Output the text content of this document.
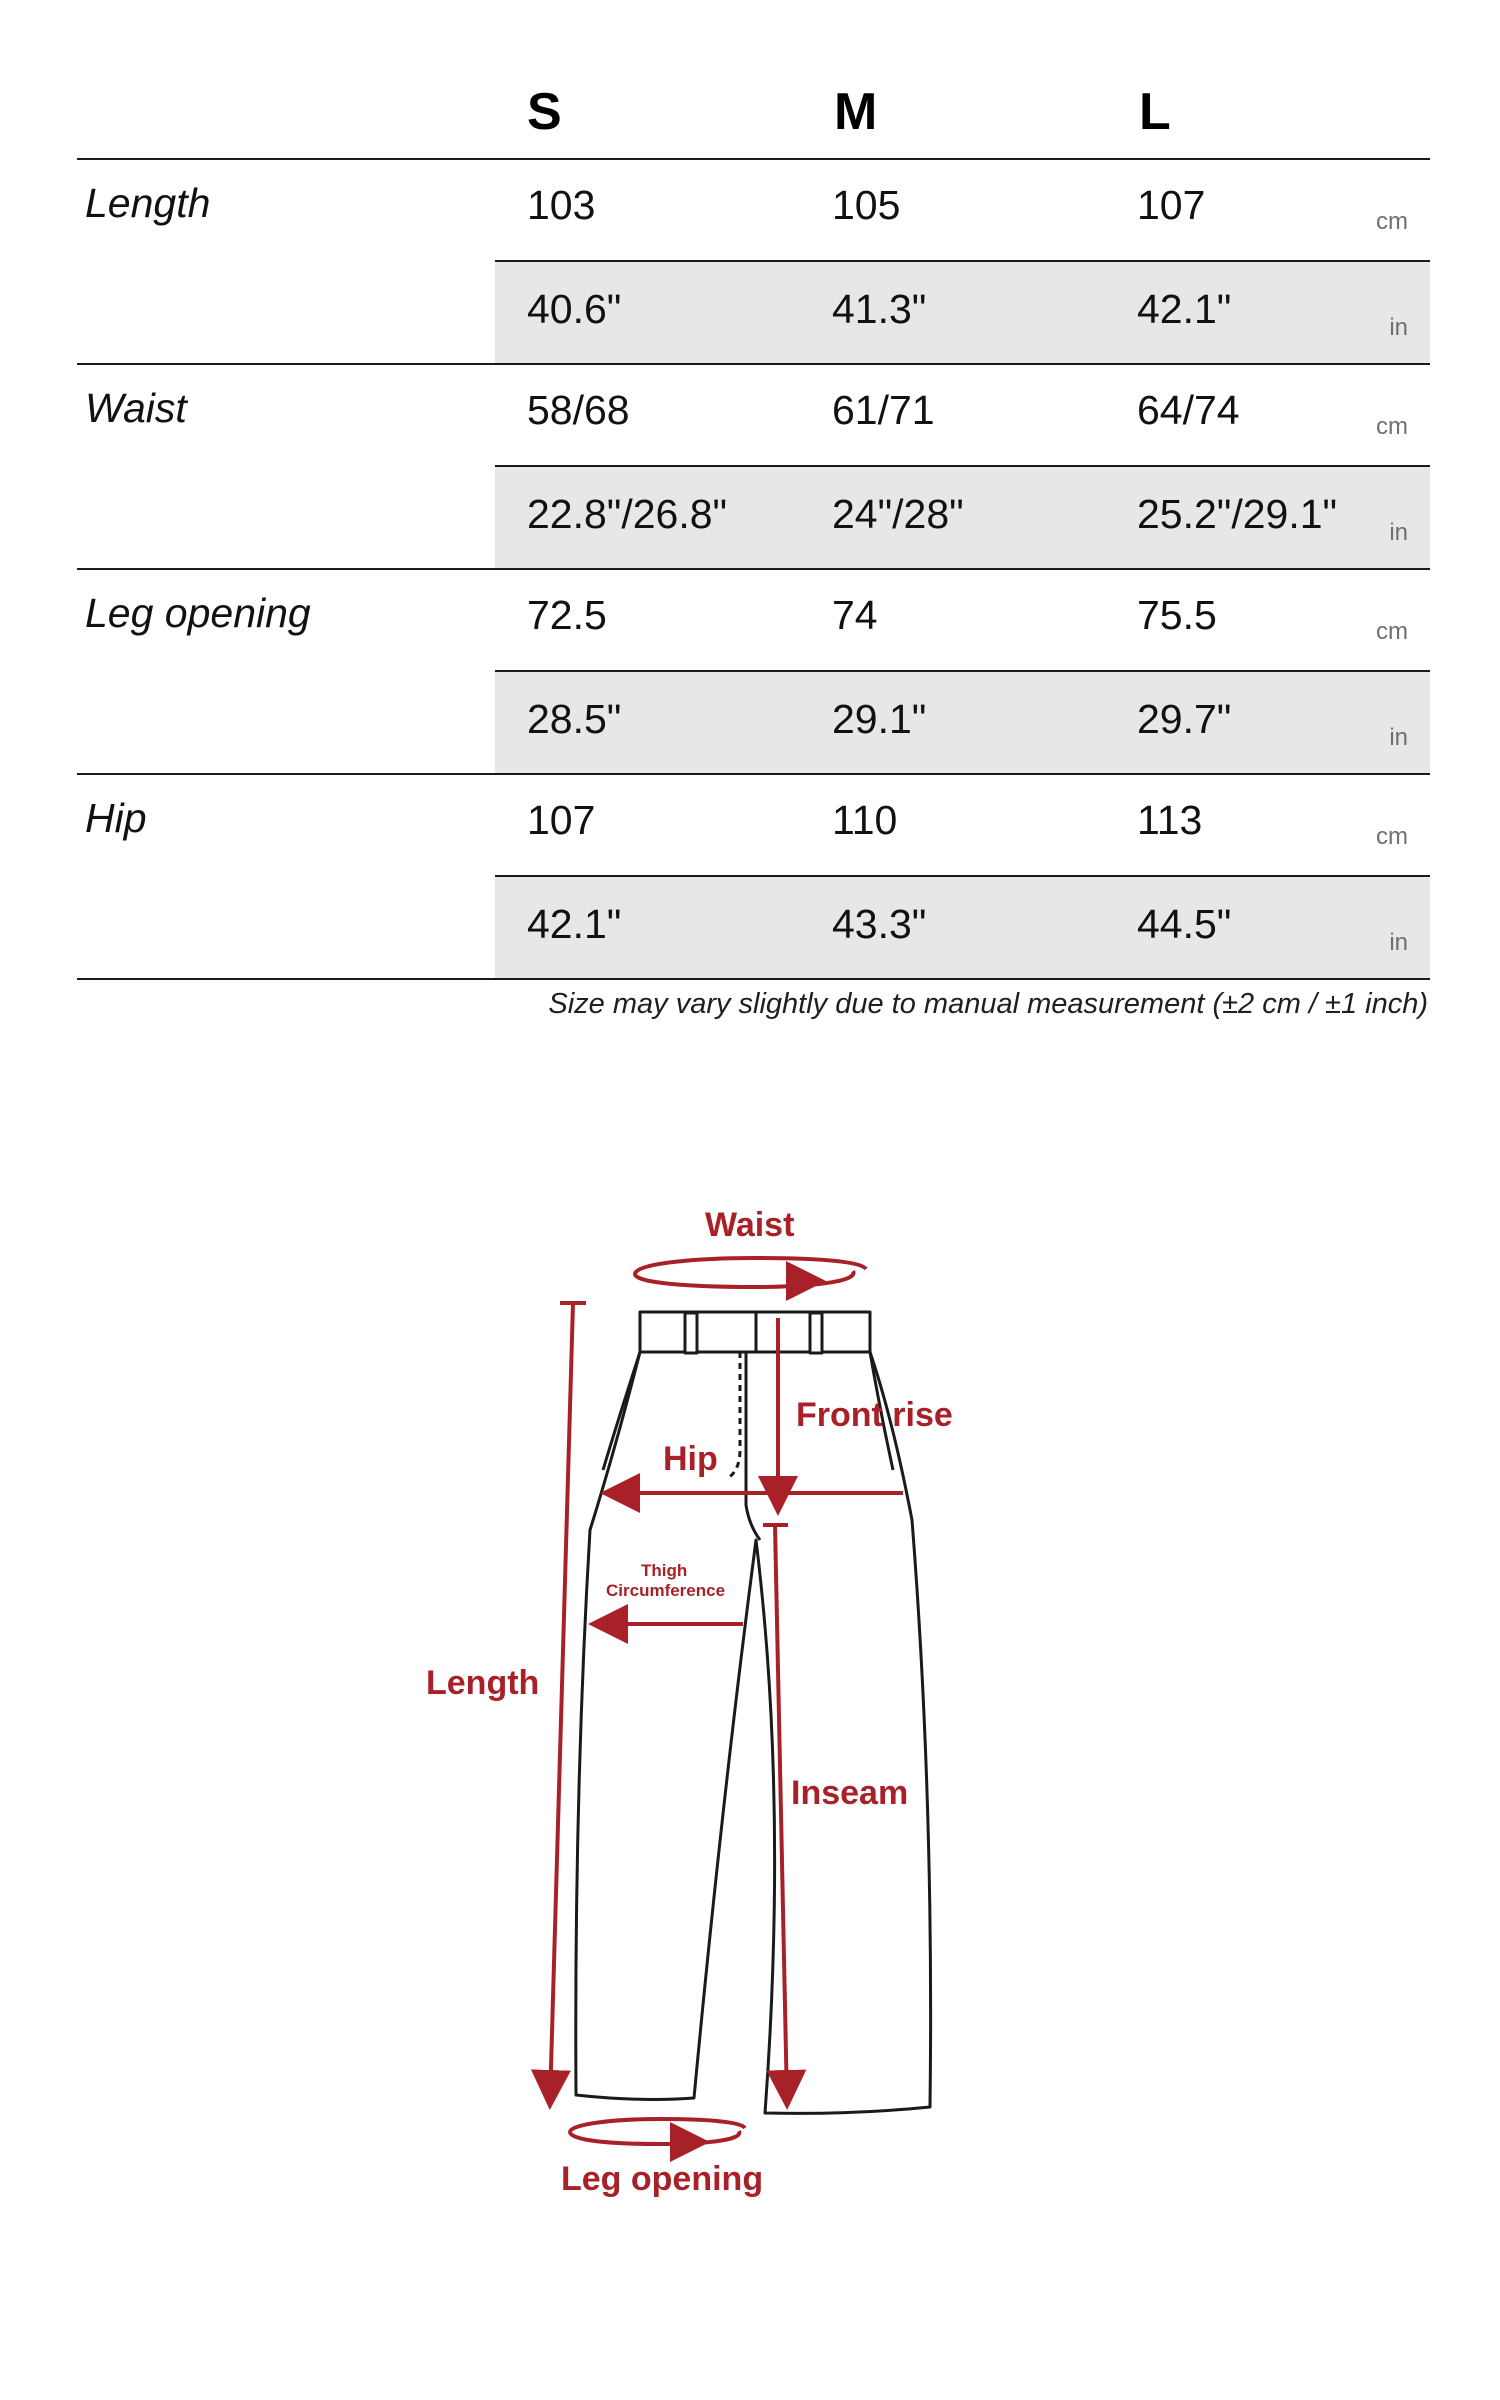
S	M	L
Length	103	105	107	cm
40.6"	41.3"	42.1"	in
Waist	58/68	61/71	64/74	cm
22.8"/26.8"	24"/28"	25.2"/29.1" in
Leg opening	72.5	74	75.5	cm
28.5"	29.1"	29.7"	in
Hip	107	110	113	cm
42.1"	43.3"	44.5"	in
Size may vary slightly due to manual measurement (±2 cm / ±1 inch)
Waist
Front rise
Hip
Thigh
Circumference
Length
Inseam
Leg opening
